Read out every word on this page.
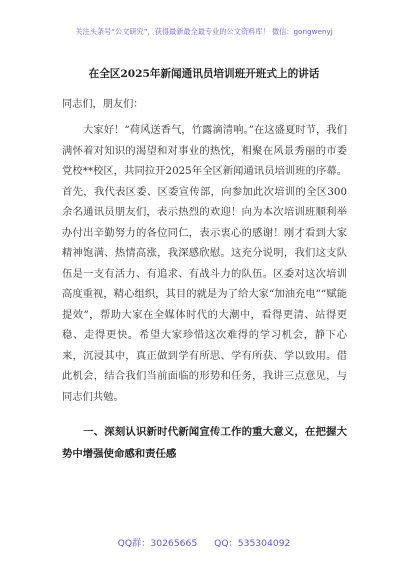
关注头条号“公文研究”，获得最新最全最专业的公文资料库！ 微信：gongwenyj
在全区2025年新闻通讯员培训班开班式上的讲话
同志们，朋友们：

大家好！“荷风送香气，竹露滴清响。”在这盛夏时节，我们满怀着对知识的渴望和对事业的热忱，相聚在风景秀丽的市委党校**校区，共同拉开2025年全区新闻通讯员培训班的序幕。首先，我代表区委、区委宣传部，向参加此次培训的全区300余名通讯员朋友们，表示热烈的欢迎！向为本次培训班顺利举办付出辛勤努力的各位同仁，表示衷心的感谢！刚才看到大家精神饱满、热情高涨，我深感欣慰。这充分说明，我们这支队伍是一支有活力、有追求、有战斗力的队伍。区委对这次培训高度重视，精心组织，其目的就是为了给大家“加油充电”“赋能提效”，帮助大家在全媒体时代的大潮中，看得更清、站得更稳、走得更快。希望大家珍惜这次难得的学习机会，静下心来，沉浸其中，真正做到学有所思、学有所获、学以致用。借此机会，结合我们当前面临的形势和任务，我讲三点意见，与同志们共勉。

一、深刻认识新时代新闻宣传工作的重大意义，在把握大势中增强使命感和责任感
QQ群：30265665 QQ：535304092
